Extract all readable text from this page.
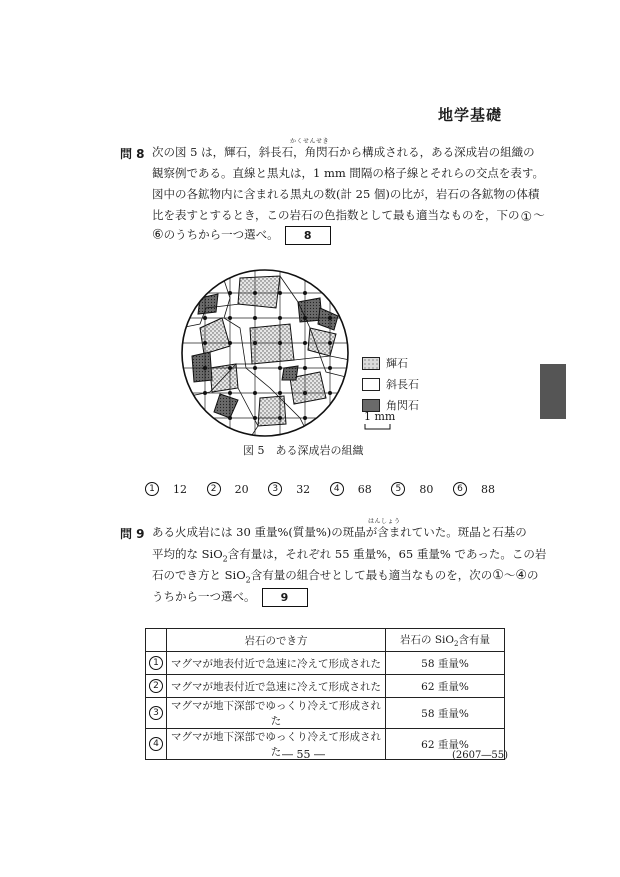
地学基礎
問 8
かくせんせき
次の図 5 は，輝石，斜長石，角閃石から構成される，ある深成岩の組織の
観察例である。直線と黒丸は，1 mm 間隔の格子線とそれらの交点を表す。
図中の各鉱物内に含まれる黒丸の数(計 25 個)の比が，岩石の各鉱物の体積
比を表すとするとき，この岩石の色指数として最も適当なものを，下の①～
⑥のうちから一つ選べ。 8
輝石
斜長石
角閃石
1 mm
図 5　ある深成岩の組織
1	12	2	20	3	32	4	68	5	80	6	88
問 9
はんしょう
ある火成岩には 30 重量%(質量%)の斑晶が含まれていた。斑晶と石基の
平均的な SiO$_2$含有量は，それぞれ 55 重量%，65 重量% であった。この岩
石のでき方と SiO$_2$含有量の組合せとして最も適当なものを，次の①～④の
うちから一つ選べ。 9
	岩石のでき方	岩石の SiO$_2$含有量
1	マグマが地表付近で急速に冷えて形成された	58 重量%
2	マグマが地表付近で急速に冷えて形成された	62 重量%
3	マグマが地下深部でゆっくり冷えて形成された	58 重量%
4	マグマが地下深部でゆっくり冷えて形成された	62 重量%
― 55 ―	(2607―55)
